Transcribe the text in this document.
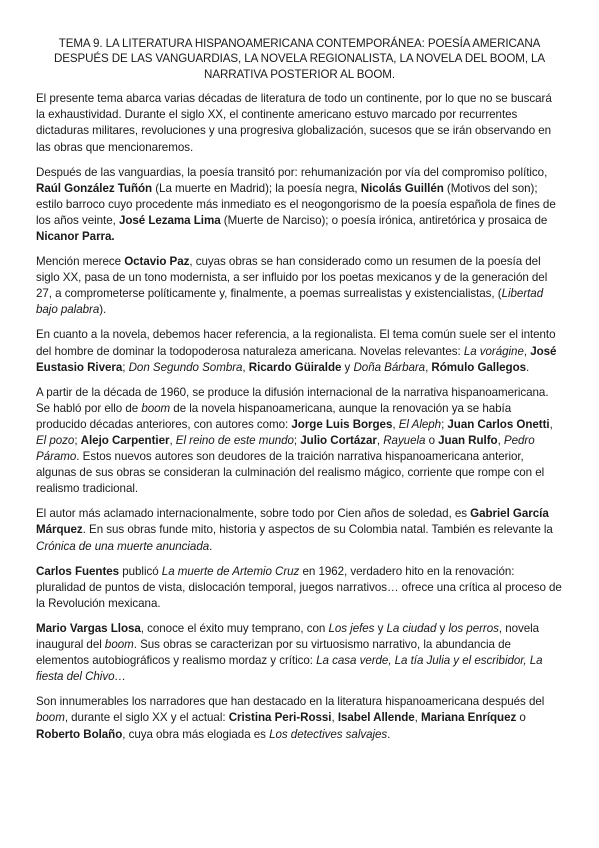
TEMA 9. LA LITERATURA HISPANOAMERICANA CONTEMPORÁNEA: POESÍA AMERICANA DESPUÉS DE LAS VANGUARDIAS, LA NOVELA REGIONALISTA, LA NOVELA DEL BOOM, LA NARRATIVA POSTERIOR AL BOOM.

El presente tema abarca varias décadas de literatura de todo un continente, por lo que no se buscará la exhaustividad. Durante el siglo XX, el continente americano estuvo marcado por recurrentes dictaduras militares, revoluciones y una progresiva globalización, sucesos que se irán observando en las obras que mencionaremos.

Después de las vanguardias, la poesía transitó por: rehumanización por vía del compromiso político, Raúl González Tuñón (La muerte en Madrid); la poesía negra, Nicolás Guillén (Motivos del son); estilo barroco cuyo procedente más inmediato es el neogongorismo de la poesía española de fines de los años veinte, José Lezama Lima (Muerte de Narciso); o poesía irónica, antiretórica y prosaica de Nicanor Parra.

Mención merece Octavio Paz, cuyas obras se han considerado como un resumen de la poesía del siglo XX, pasa de un tono modernista, a ser influido por los poetas mexicanos y de la generación del 27, a comprometerse políticamente y, finalmente, a poemas surrealistas y existencialistas, (Libertad bajo palabra).

En cuanto a la novela, debemos hacer referencia, a la regionalista. El tema común suele ser el intento del hombre de dominar la todopoderosa naturaleza americana. Novelas relevantes: La vorágine, José Eustasio Rivera; Don Segundo Sombra, Ricardo Güiralde y Doña Bárbara, Rómulo Gallegos.

A partir de la década de 1960, se produce la difusión internacional de la narrativa hispanoamericana. Se habló por ello de boom de la novela hispanoamericana, aunque la renovación ya se había producido décadas anteriores, con autores como: Jorge Luis Borges, El Aleph; Juan Carlos Onetti, El pozo; Alejo Carpentier, El reino de este mundo; Julio Cortázar, Rayuela o Juan Rulfo, Pedro Páramo. Estos nuevos autores son deudores de la traición narrativa hispanoamericana anterior, algunas de sus obras se consideran la culminación del realismo mágico, corriente que rompe con el realismo tradicional.

El autor más aclamado internacionalmente, sobre todo por Cien años de soledad, es Gabriel García Márquez. En sus obras funde mito, historia y aspectos de su Colombia natal. También es relevante la Crónica de una muerte anunciada.

Carlos Fuentes publicó La muerte de Artemio Cruz en 1962, verdadero hito en la renovación: pluralidad de puntos de vista, dislocación temporal, juegos narrativos… ofrece una crítica al proceso de la Revolución mexicana.

Mario Vargas Llosa, conoce el éxito muy temprano, con Los jefes y La ciudad y los perros, novela inaugural del boom. Sus obras se caracterizan por su virtuosismo narrativo, la abundancia de elementos autobiográficos y realismo mordaz y crítico: La casa verde, La tía Julia y el escribidor, La fiesta del Chivo…

Son innumerables los narradores que han destacado en la literatura hispanoamericana después del boom, durante el siglo XX y el actual: Cristina Peri-Rossi, Isabel Allende, Mariana Enríquez o Roberto Bolaño, cuya obra más elogiada es Los detectives salvajes.
